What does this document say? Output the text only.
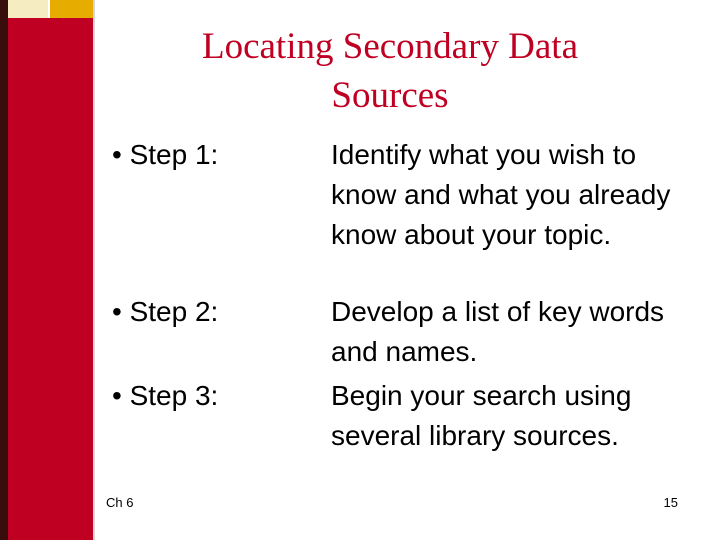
Locating Secondary Data Sources
• Step 1:	Identify what you wish to know and what you already know about your topic.
• Step 2:	Develop a list of key words and names.
• Step 3:	Begin your search using several library sources.
Ch 6	15
